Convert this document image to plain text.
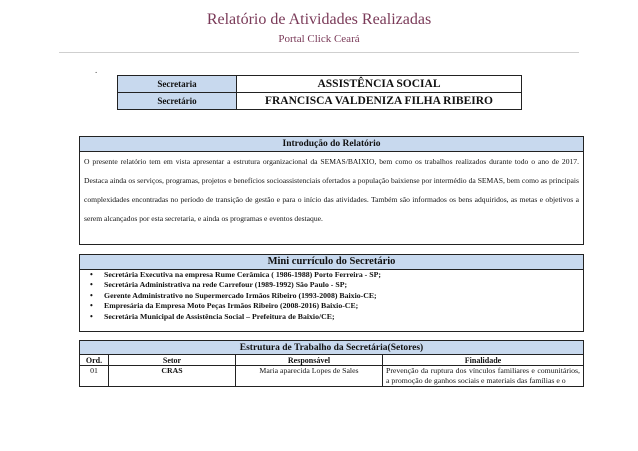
Relatório de Atividades Realizadas
Portal Click Ceará
.
Secretaria	ASSISTÊNCIA SOCIAL
Secretário	FRANCISCA VALDENIZA FILHA RIBEIRO
Introdução do Relatório
O presente relatório tem em vista apresentar a estrutura organizacional da SEMAS/BAIXIO, bem como os trabalhos realizados durante todo o ano de 2017. Destaca ainda os serviços, programas, projetos e benefícios socioassistenciais ofertados a população baixiense por intermédio da SEMAS, bem como as principais complexidades encontradas no período de transição de gestão e para o início das atividades. Também são informados os bens adquiridos, as metas e objetivos a serem alcançados por esta secretaria, e ainda os programas e eventos destaque.
Mini currículo do Secretário
• Secretária Executiva na empresa Rume Cerâmica ( 1986-1988) Porto Ferreira - SP;
• Secretária Administrativa na rede Carrefour (1989-1992) São Paulo - SP;
• Gerente Administrativo no Supermercado Irmãos Ribeiro (1993-2008) Baixio-CE;
• Empresária da Empresa Moto Peças Irmãos Ribeiro (2008-2016) Baixio-CE;
• Secretária Municipal de Assistência Social – Prefeitura de Baixio/CE;
Estrutura de Trabalho da Secretária(Setores)			
Ord.	Setor	Responsável	Finalidade
01	CRAS	Maria aparecida Lopes de Sales	Prevenção da ruptura dos vínculos familiares e comunitários, a promoção de ganhos sociais e materiais das famílias e o
